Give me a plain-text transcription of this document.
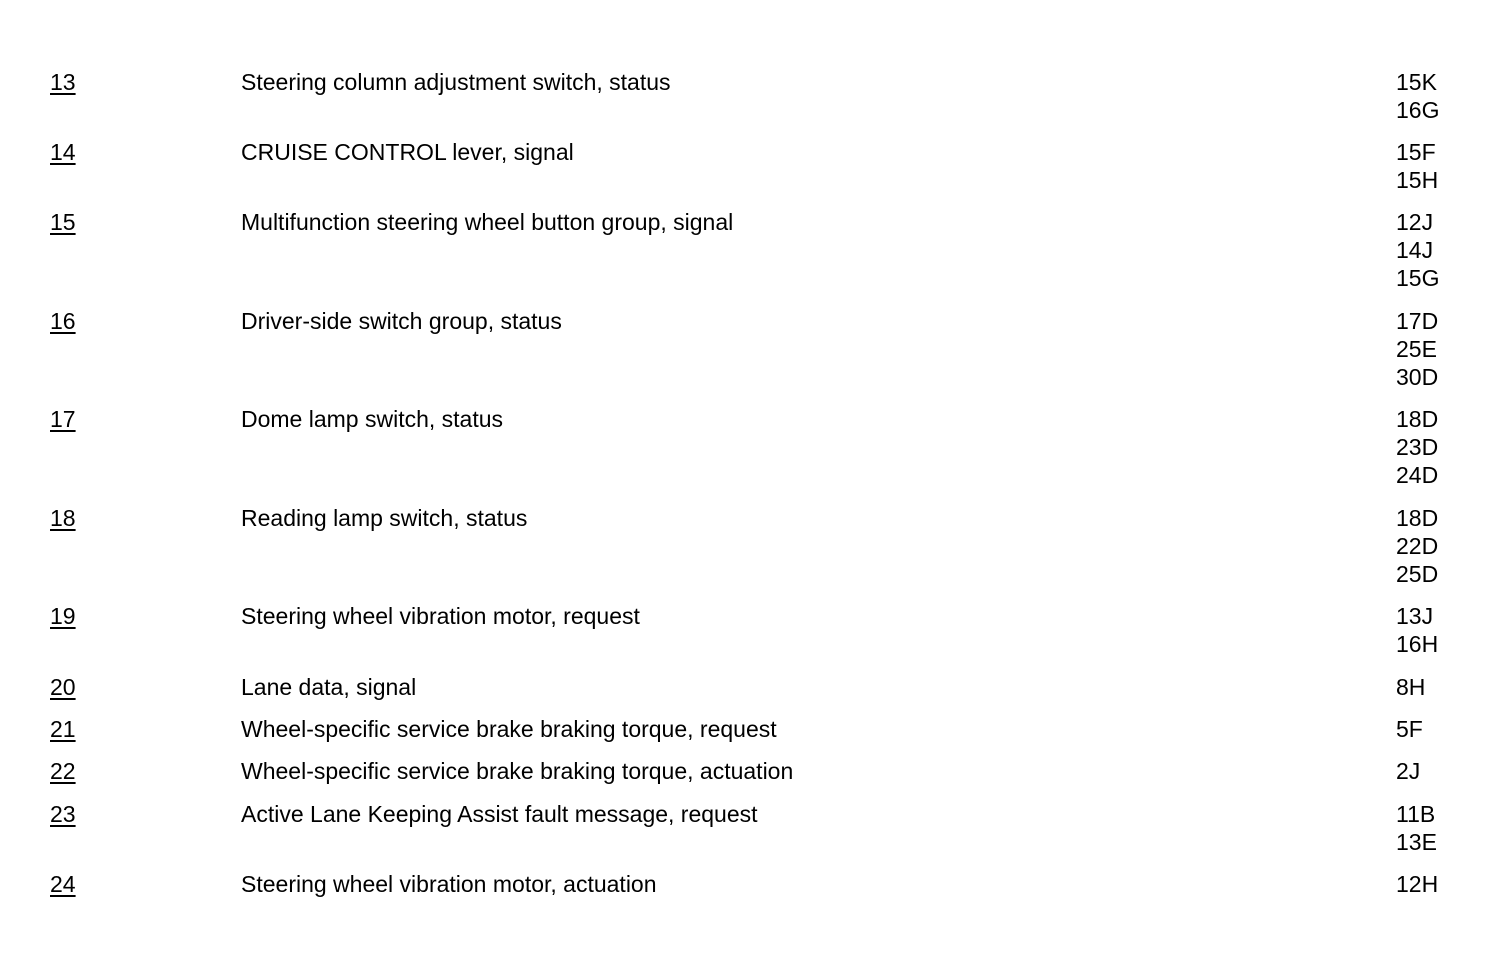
13	Steering column adjustment switch, status	15K
16G
14	CRUISE CONTROL lever, signal	15F
15H
15	Multifunction steering wheel button group, signal	12J
14J
15G
16	Driver-side switch group, status	17D
25E
30D
17	Dome lamp switch, status	18D
23D
24D
18	Reading lamp switch, status	18D
22D
25D
19	Steering wheel vibration motor, request	13J
16H
20	Lane data, signal	8H
21	Wheel-specific service brake braking torque, request	5F
22	Wheel-specific service brake braking torque, actuation	2J
23	Active Lane Keeping Assist fault message, request	11B
13E
24	Steering wheel vibration motor, actuation	12H
